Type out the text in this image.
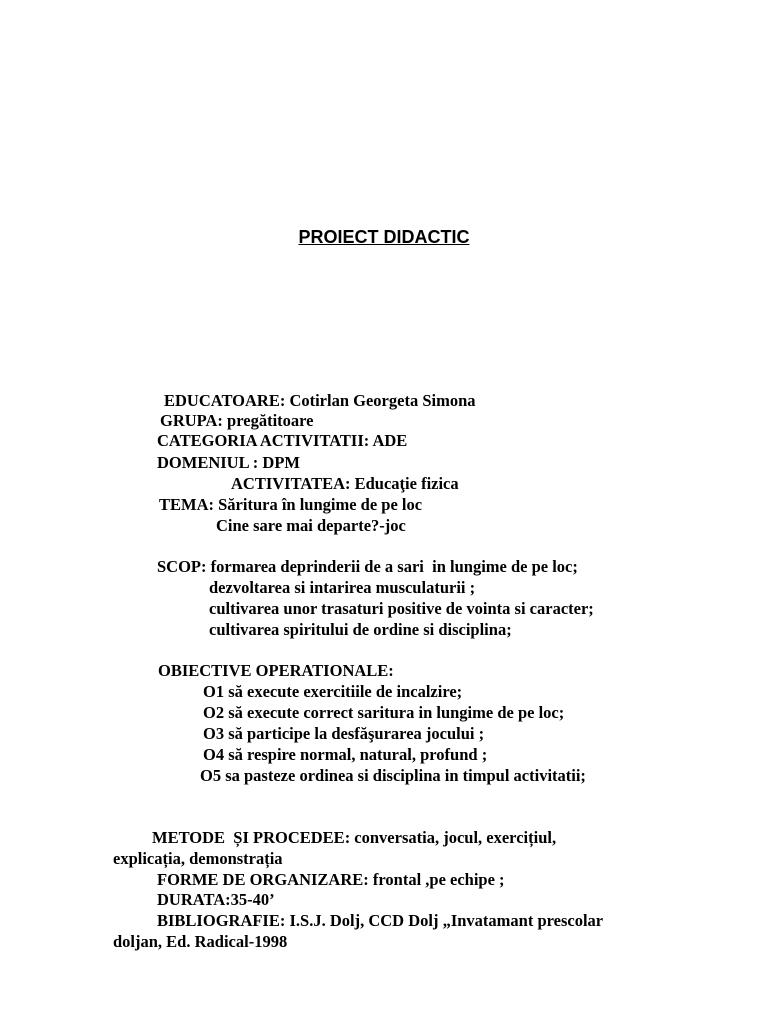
PROIECT DIDACTIC
EDUCATOARE: Cotirlan Georgeta Simona
GRUPA: pregătitoare
CATEGORIA ACTIVITATII: ADE
DOMENIUL : DPM
ACTIVITATEA: Educaţie fizica
TEMA: Săritura în lungime de pe loc
Cine sare mai departe?-joc
SCOP: formarea deprinderii de a sari  in lungime de pe loc;
dezvoltarea si intarirea musculaturii ;
cultivarea unor trasaturi positive de vointa si caracter;
cultivarea spiritului de ordine si disciplina;
OBIECTIVE OPERATIONALE:
O1 să execute exercitiile de incalzire;
O2 să execute correct saritura in lungime de pe loc;
O3 să participe la desfăşurarea jocului ;
O4 să respire normal, natural, profund ;
O5 sa pasteze ordinea si disciplina in timpul activitatii;
METODE  ȘI PROCEDEE: conversatia, jocul, exercițiul,
explicația, demonstrația
FORME DE ORGANIZARE: frontal ,pe echipe ;
DURATA:35-40’
BIBLIOGRAFIE: I.S.J. Dolj, CCD Dolj „Invatamant prescolar
doljan, Ed. Radical-1998
